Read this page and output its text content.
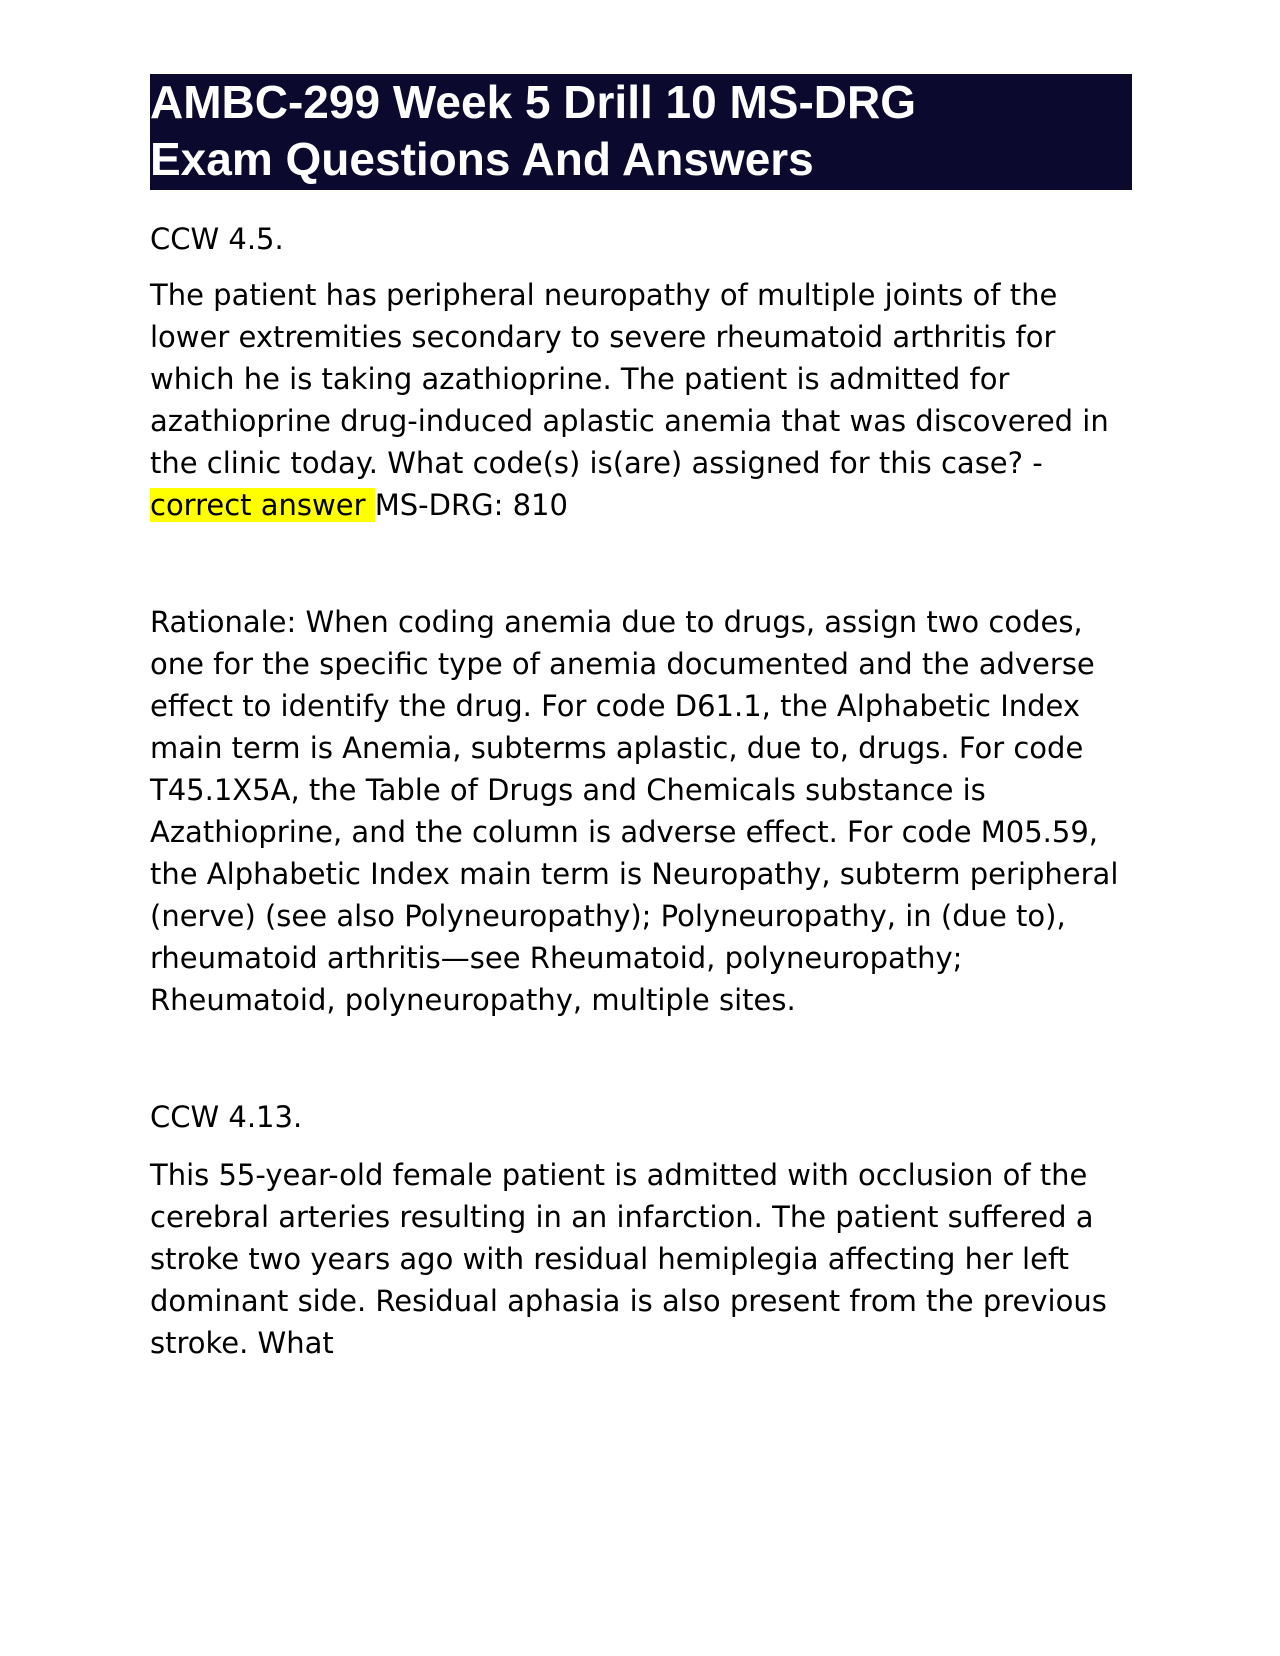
AMBC-299 Week 5 Drill 10 MS-DRG
Exam Questions And Answers

CCW 4.5.

The patient has peripheral neuropathy of multiple joints of the lower extremities secondary to severe rheumatoid arthritis for which he is taking azathioprine. The patient is admitted for azathioprine drug-induced aplastic anemia that was discovered in the clinic today. What code(s) is(are) assigned for this case? - correct answer MS-DRG: 810

Rationale: When coding anemia due to drugs, assign two codes, one for the specific type of anemia documented and the adverse effect to identify the drug. For code D61.1, the Alphabetic Index main term is Anemia, subterms aplastic, due to, drugs. For code T45.1X5A, the Table of Drugs and Chemicals substance is Azathioprine, and the column is adverse effect. For code M05.59, the Alphabetic Index main term is Neuropathy, subterm peripheral (nerve) (see also Polyneuropathy); Polyneuropathy, in (due to), rheumatoid arthritis—see Rheumatoid, polyneuropathy; Rheumatoid, polyneuropathy, multiple sites.

CCW 4.13.

This 55-year-old female patient is admitted with occlusion of the cerebral arteries resulting in an infarction. The patient suffered a stroke two years ago with residual hemiplegia affecting her left dominant side. Residual aphasia is also present from the previous stroke. What
